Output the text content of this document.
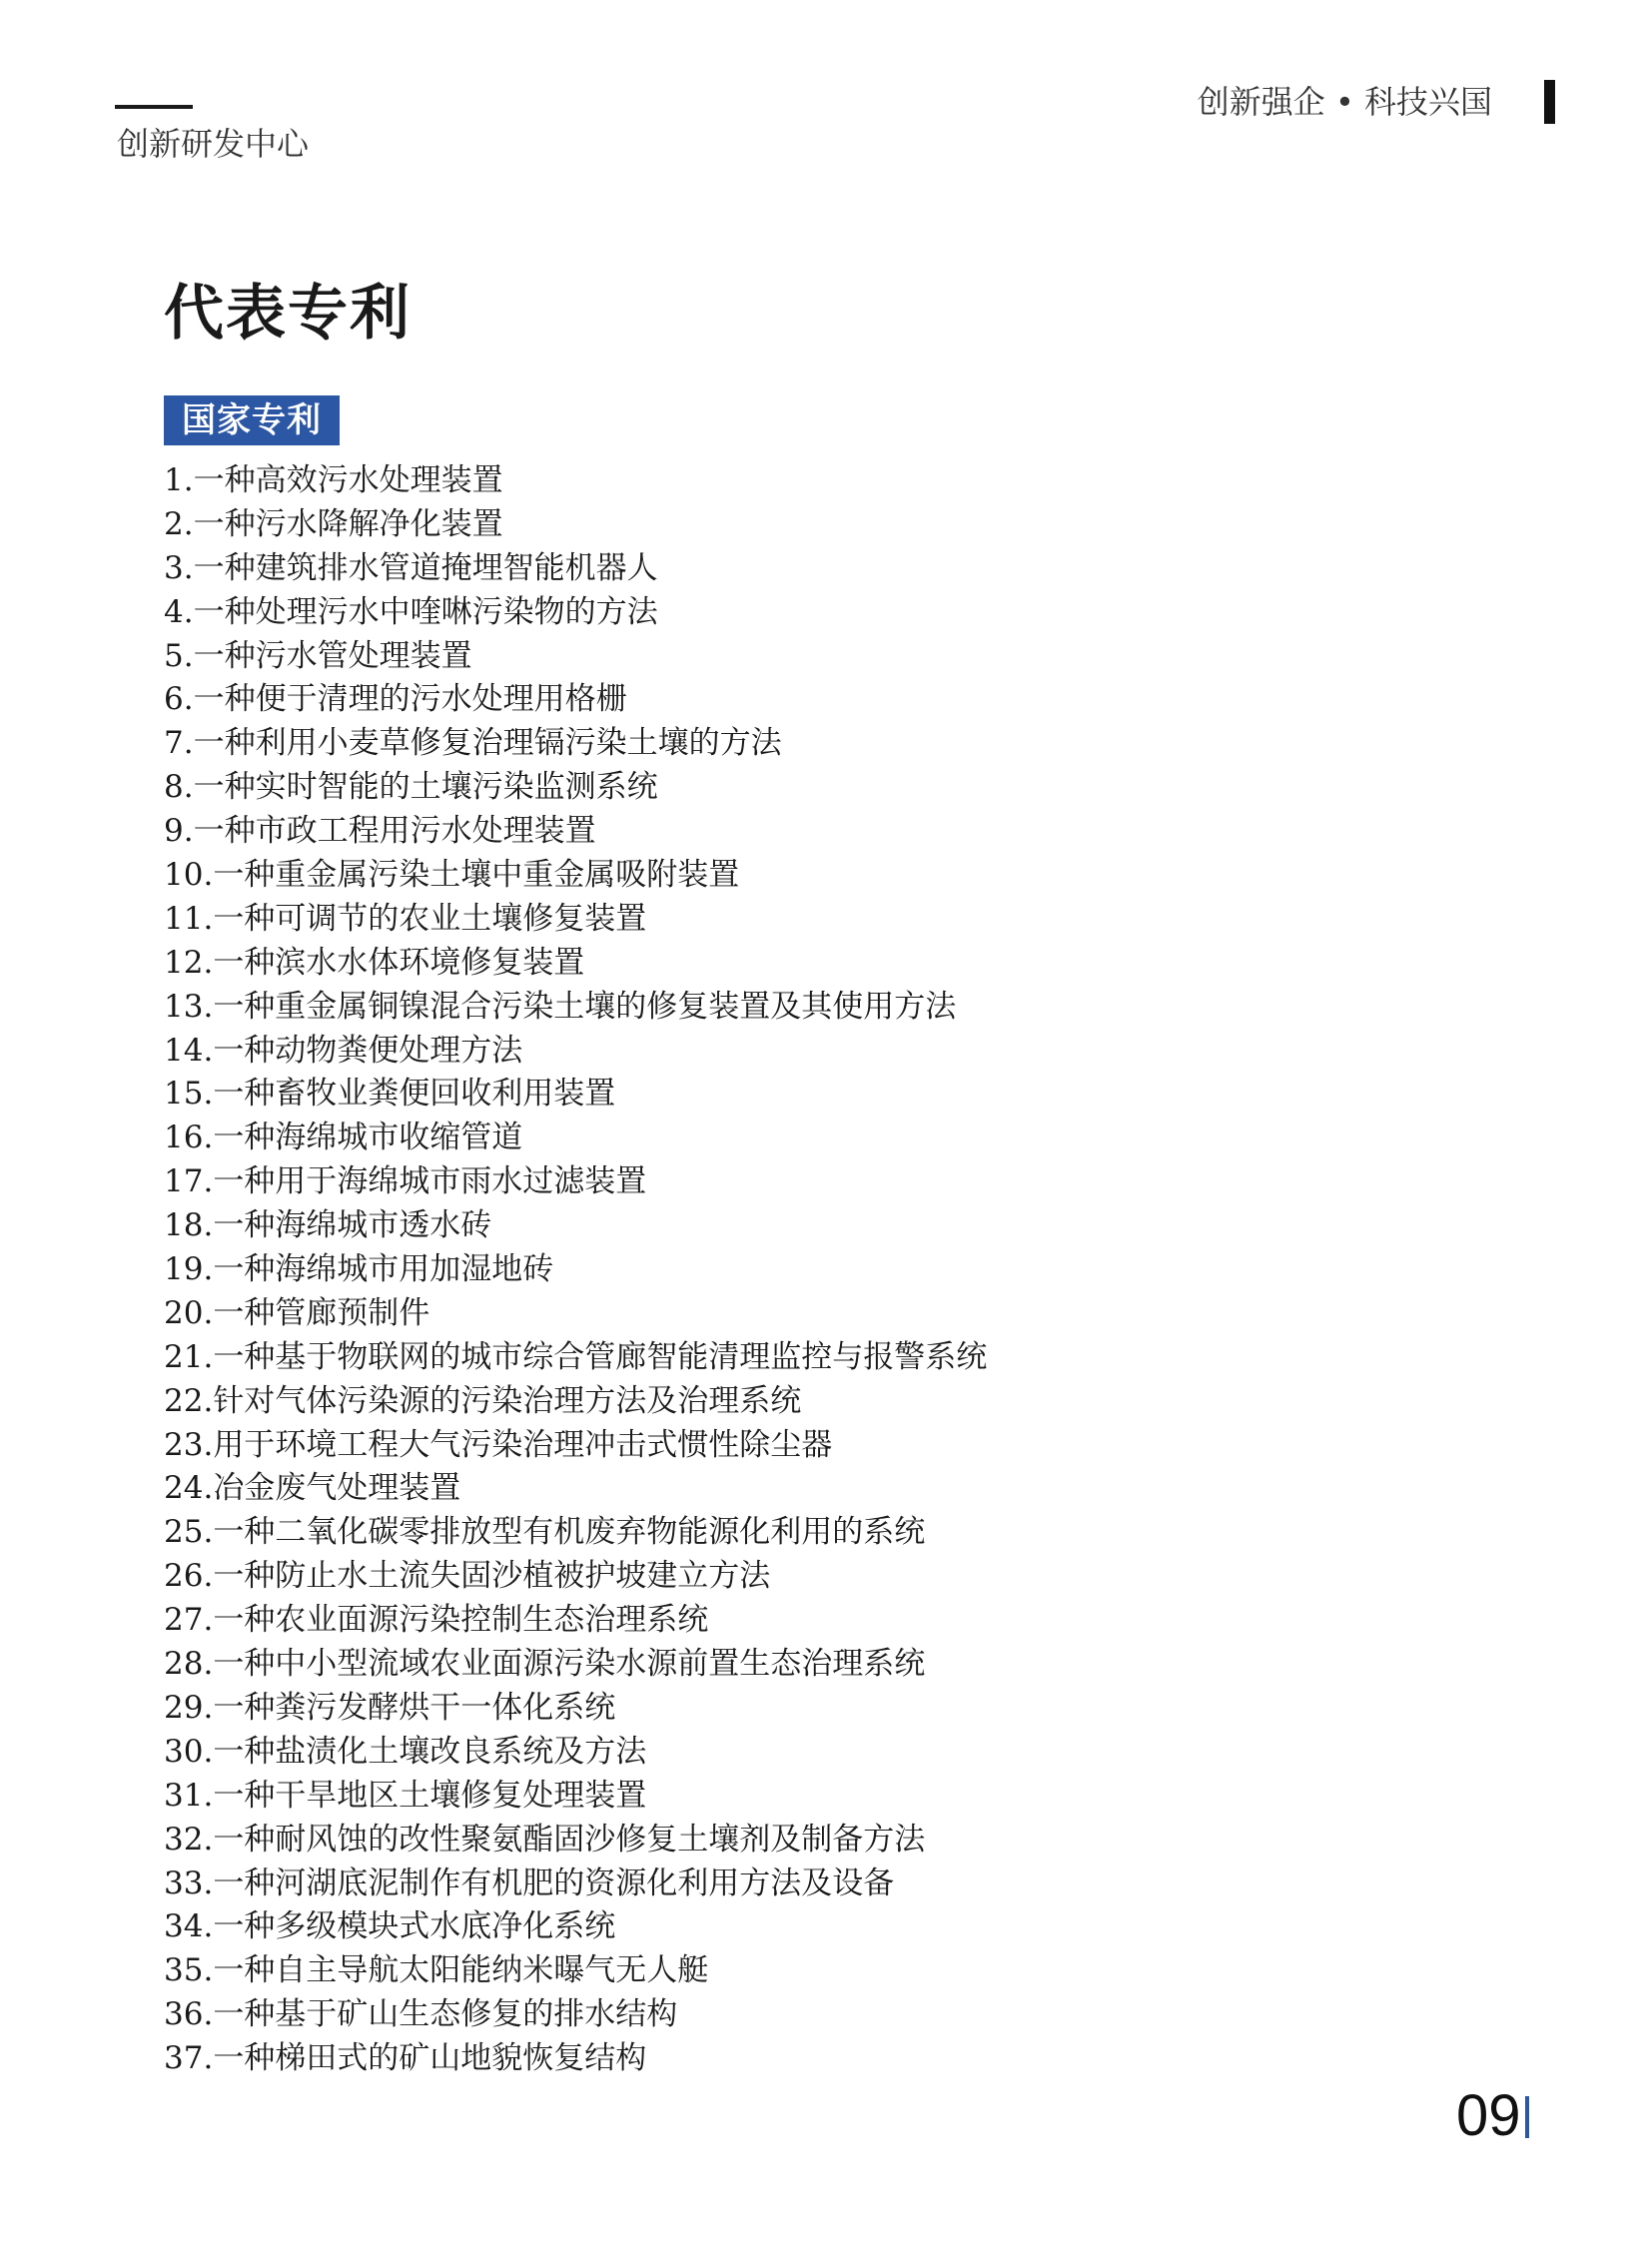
创新研发中心
创新强企 • 科技兴国
代表专利
国家专利
1.一种高效污水处理装置
2.一种污水降解净化装置
3.一种建筑排水管道掩埋智能机器人
4.一种处理污水中喹啉污染物的方法
5.一种污水管处理装置
6.一种便于清理的污水处理用格栅
7.一种利用小麦草修复治理镉污染土壤的方法
8.一种实时智能的土壤污染监测系统
9.一种市政工程用污水处理装置
10.一种重金属污染土壤中重金属吸附装置
11.一种可调节的农业土壤修复装置
12.一种滨水水体环境修复装置
13.一种重金属铜镍混合污染土壤的修复装置及其使用方法
14.一种动物粪便处理方法
15.一种畜牧业粪便回收利用装置
16.一种海绵城市收缩管道
17.一种用于海绵城市雨水过滤装置
18.一种海绵城市透水砖
19.一种海绵城市用加湿地砖
20.一种管廊预制件
21.一种基于物联网的城市综合管廊智能清理监控与报警系统
22.针对气体污染源的污染治理方法及治理系统
23.用于环境工程大气污染治理冲击式惯性除尘器
24.冶金废气处理装置
25.一种二氧化碳零排放型有机废弃物能源化利用的系统
26.一种防止水土流失固沙植被护坡建立方法
27.一种农业面源污染控制生态治理系统
28.一种中小型流域农业面源污染水源前置生态治理系统
29.一种粪污发酵烘干一体化系统
30.一种盐渍化土壤改良系统及方法
31.一种干旱地区土壤修复处理装置
32.一种耐风蚀的改性聚氨酯固沙修复土壤剂及制备方法
33.一种河湖底泥制作有机肥的资源化利用方法及设备
34.一种多级模块式水底净化系统
35.一种自主导航太阳能纳米曝气无人艇
36.一种基于矿山生态修复的排水结构
37.一种梯田式的矿山地貌恢复结构
09
